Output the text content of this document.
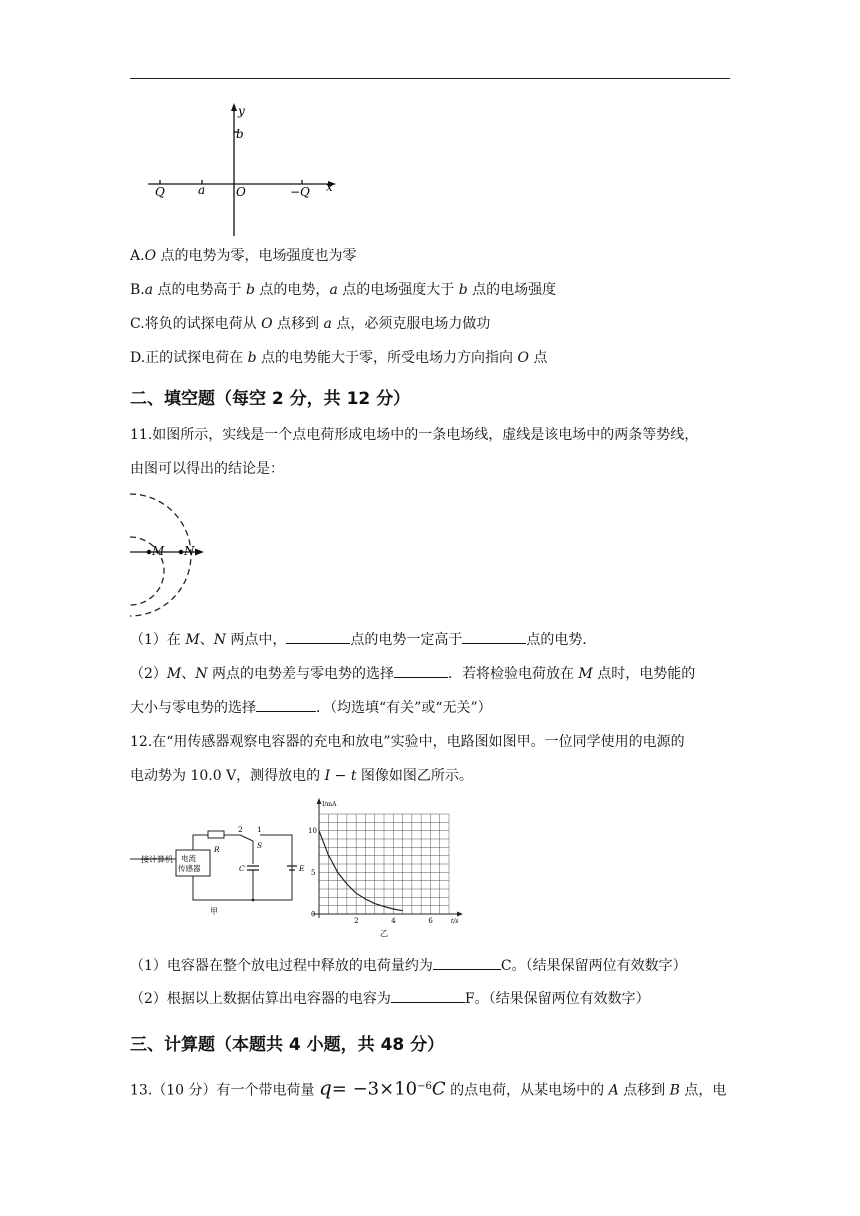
y
x
b
Q	a	O	−Q
A.O 点的电势为零，电场强度也为零
B.a 点的电势高于 b 点的电势，a 点的电场强度大于 b 点的电场强度
C.将负的试探电荷从 O 点移到 a 点，必须克服电场力做功
D.正的试探电荷在 b 点的电势能大于零，所受电场力方向指向 O 点
二、填空题（每空 2 分，共 12 分）
11.如图所示，实线是一个点电荷形成电场中的一条电场线，虚线是该电场中的两条等势线，
由图可以得出的结论是：
M N
（1）在 M、N 两点中，	点的电势一定高于	点的电势．
（2）M、N 两点的电势差与零电势的选择	．若将检验电荷放在 M 点时，电势能的
大小与零电势的选择	．（均选填“有关”或“无关”）
12.在“用传感器观察电容器的充电和放电”实验中，电路图如图甲。一位同学使用的电源的
电动势为 10.0 V，测得放电的 I − t 图像如图乙所示。
接计算机 电流
传感器
R
2 1
S
C	E
甲
2	4	6
0
5
10
I/mA
t/s
乙
（1）电容器在整个放电过程中释放的电荷量约为	C。（结果保留两位有效数字）
（2）根据以上数据估算出电容器的电容为	F。（结果保留两位有效数字）
三、计算题（本题共 4 小题，共 48 分）
13.（10 分）有一个带电荷量 $q= -3\times 10^{-6}C$ 的点电荷，从某电场中的 A 点移到 B 点，电
